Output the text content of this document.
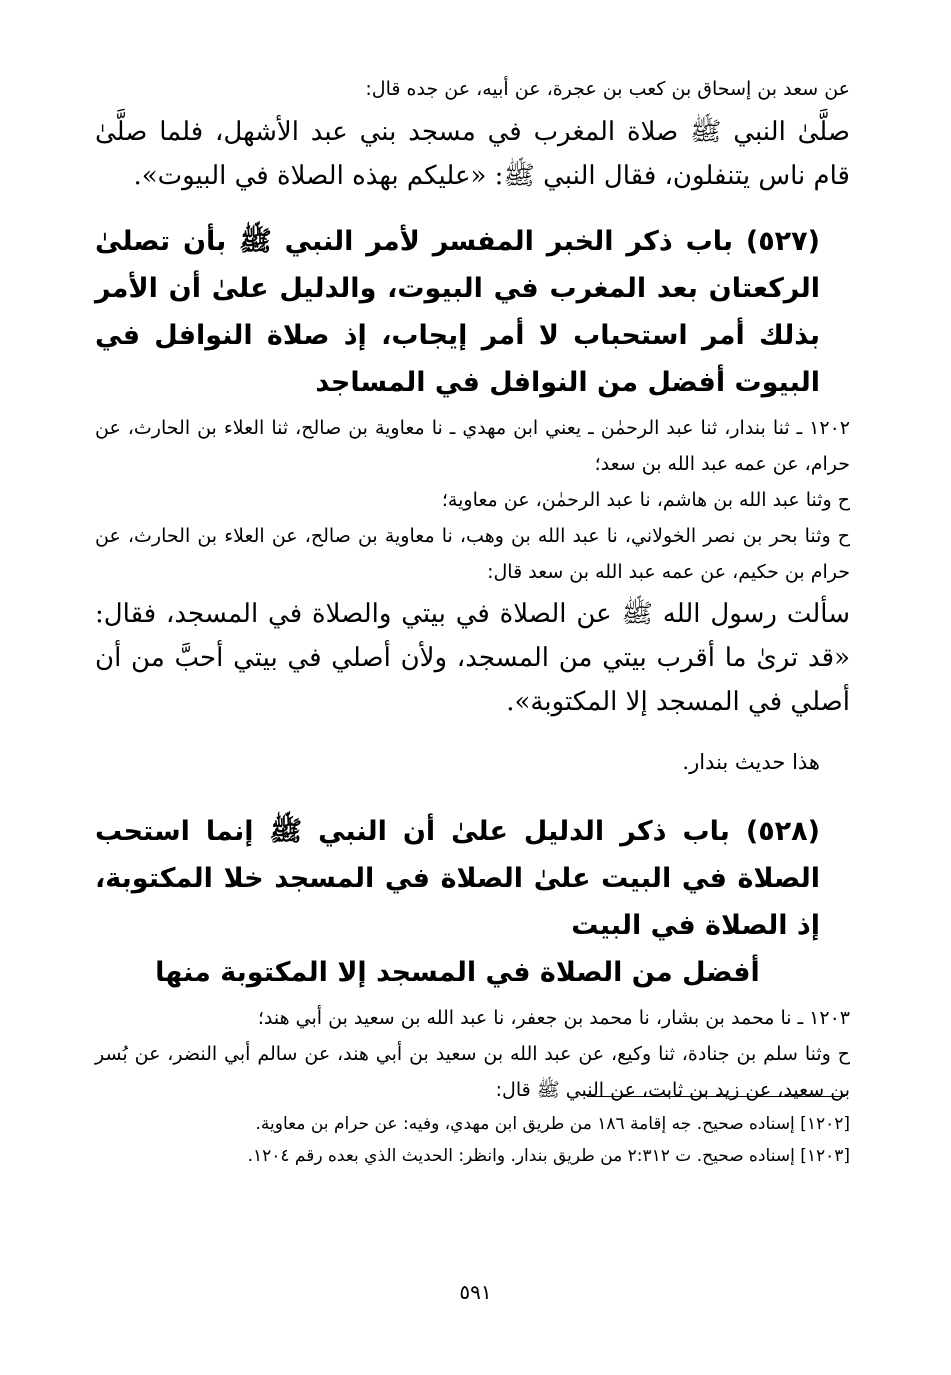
عن سعد بن إسحاق بن كعب بن عجرة، عن أبيه، عن جده قال:

صلَّىٰ النبي ﷺ صلاة المغرب في مسجد بني عبد الأشهل، فلما صلَّىٰ قام ناس يتنفلون، فقال النبي ﷺ: «عليكم بهذه الصلاة في البيوت».

(٥٢٧) باب ذكر الخبر المفسر لأمر النبي ﷺ بأن تصلىٰ الركعتان بعد المغرب في البيوت، والدليل علىٰ أن الأمر بذلك أمر استحباب لا أمر إيجاب، إذ صلاة النوافل في البيوت أفضل من النوافل في المساجد

١٢٠٢ ـ ثنا بندار، ثنا عبد الرحمٰن ـ يعني ابن مهدي ـ نا معاوية بن صالح، ثنا العلاء بن الحارث، عن حرام، عن عمه عبد الله بن سعد؛

ح وثنا عبد الله بن هاشم، نا عبد الرحمٰن، عن معاوية؛

ح وثنا بحر بن نصر الخولاني، نا عبد الله بن وهب، نا معاوية بن صالح، عن العلاء بن الحارث، عن حرام بن حكيم، عن عمه عبد الله بن سعد قال:

سألت رسول الله ﷺ عن الصلاة في بيتي والصلاة في المسجد، فقال: «قد ترىٰ ما أقرب بيتي من المسجد، ولأن أصلي في بيتي أحبَّ من أن أصلي في المسجد إلا المكتوبة».

هذا حديث بندار.

(٥٢٨) باب ذكر الدليل علىٰ أن النبي ﷺ إنما استحب الصلاة في البيت علىٰ الصلاة في المسجد خلا المكتوبة، إذ الصلاة في البيت

أفضل من الصلاة في المسجد إلا المكتوبة منها

١٢٠٣ ـ نا محمد بن بشار، نا محمد بن جعفر، نا عبد الله بن سعيد بن أبي هند؛

ح وثنا سلم بن جنادة، ثنا وكيع، عن عبد الله بن سعيد بن أبي هند، عن سالم أبي النضر، عن بُسر بن سعيد، عن زيد بن ثابت، عن النبي ﷺ قال:

[١٢٠٢] إسناده صحيح. جه إقامة ١٨٦ من طريق ابن مهدي، وفيه: عن حرام بن معاوية.

[١٢٠٣] إسناده صحيح. ت ٢:٣١٢ من طريق بندار. وانظر: الحديث الذي بعده رقم ١٢٠٤.

٥٩١
